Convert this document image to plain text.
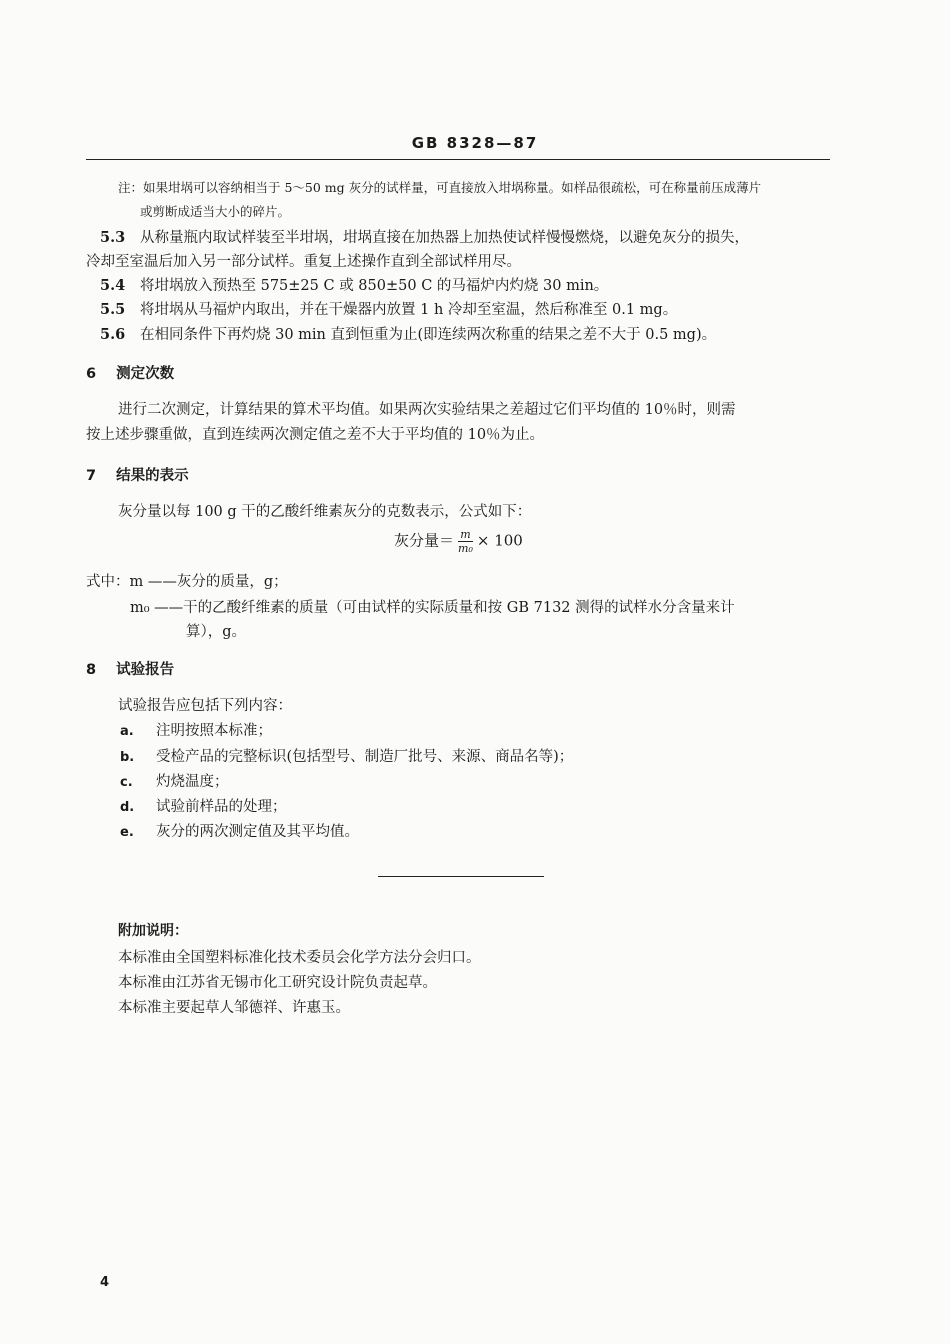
GB 8328—87
注：如果坩埚可以容纳相当于 5～50 mg 灰分的试样量，可直接放入坩埚称量。如样品很疏松，可在称量前压成薄片
或剪断成适当大小的碎片。
5.3 从称量瓶内取试样装至半坩埚，坩埚直接在加热器上加热使试样慢慢燃烧，以避免灰分的损失，
冷却至室温后加入另一部分试样。重复上述操作直到全部试样用尽。
5.4 将坩埚放入预热至 575±25 C 或 850±50 C 的马福炉内灼烧 30 min。
5.5 将坩埚从马福炉内取出，并在干燥器内放置 1 h 冷却至室温，然后称准至 0.1 mg。
5.6 在相同条件下再灼烧 30 min 直到恒重为止(即连续两次称重的结果之差不大于 0.5 mg)。
6 测定次数
进行二次测定，计算结果的算术平均值。如果两次实验结果之差超过它们平均值的 10％时，则需
按上述步骤重做，直到连续两次测定值之差不大于平均值的 10％为止。
7 结果的表示
灰分量以每 100 g 干的乙酸纤维素灰分的克数表示，公式如下：
灰分量＝ $\frac{m}{\text{m₀}} \times 100$
式中：m ——灰分的质量，g；
m₀ ——干的乙酸纤维素的质量（可由试样的实际质量和按 GB 7132 测得的试样水分含量来计
算），g。
8 试验报告
试验报告应包括下列内容：
a. 注明按照本标准；
b. 受检产品的完整标识(包括型号、制造厂批号、来源、商品名等)；
c. 灼烧温度；
d. 试验前样品的处理；
e. 灰分的两次测定值及其平均值。
附加说明：
本标准由全国塑料标准化技术委员会化学方法分会归口。
本标准由江苏省无锡市化工研究设计院负责起草。
本标准主要起草人邹德祥、许惠玉。
4
